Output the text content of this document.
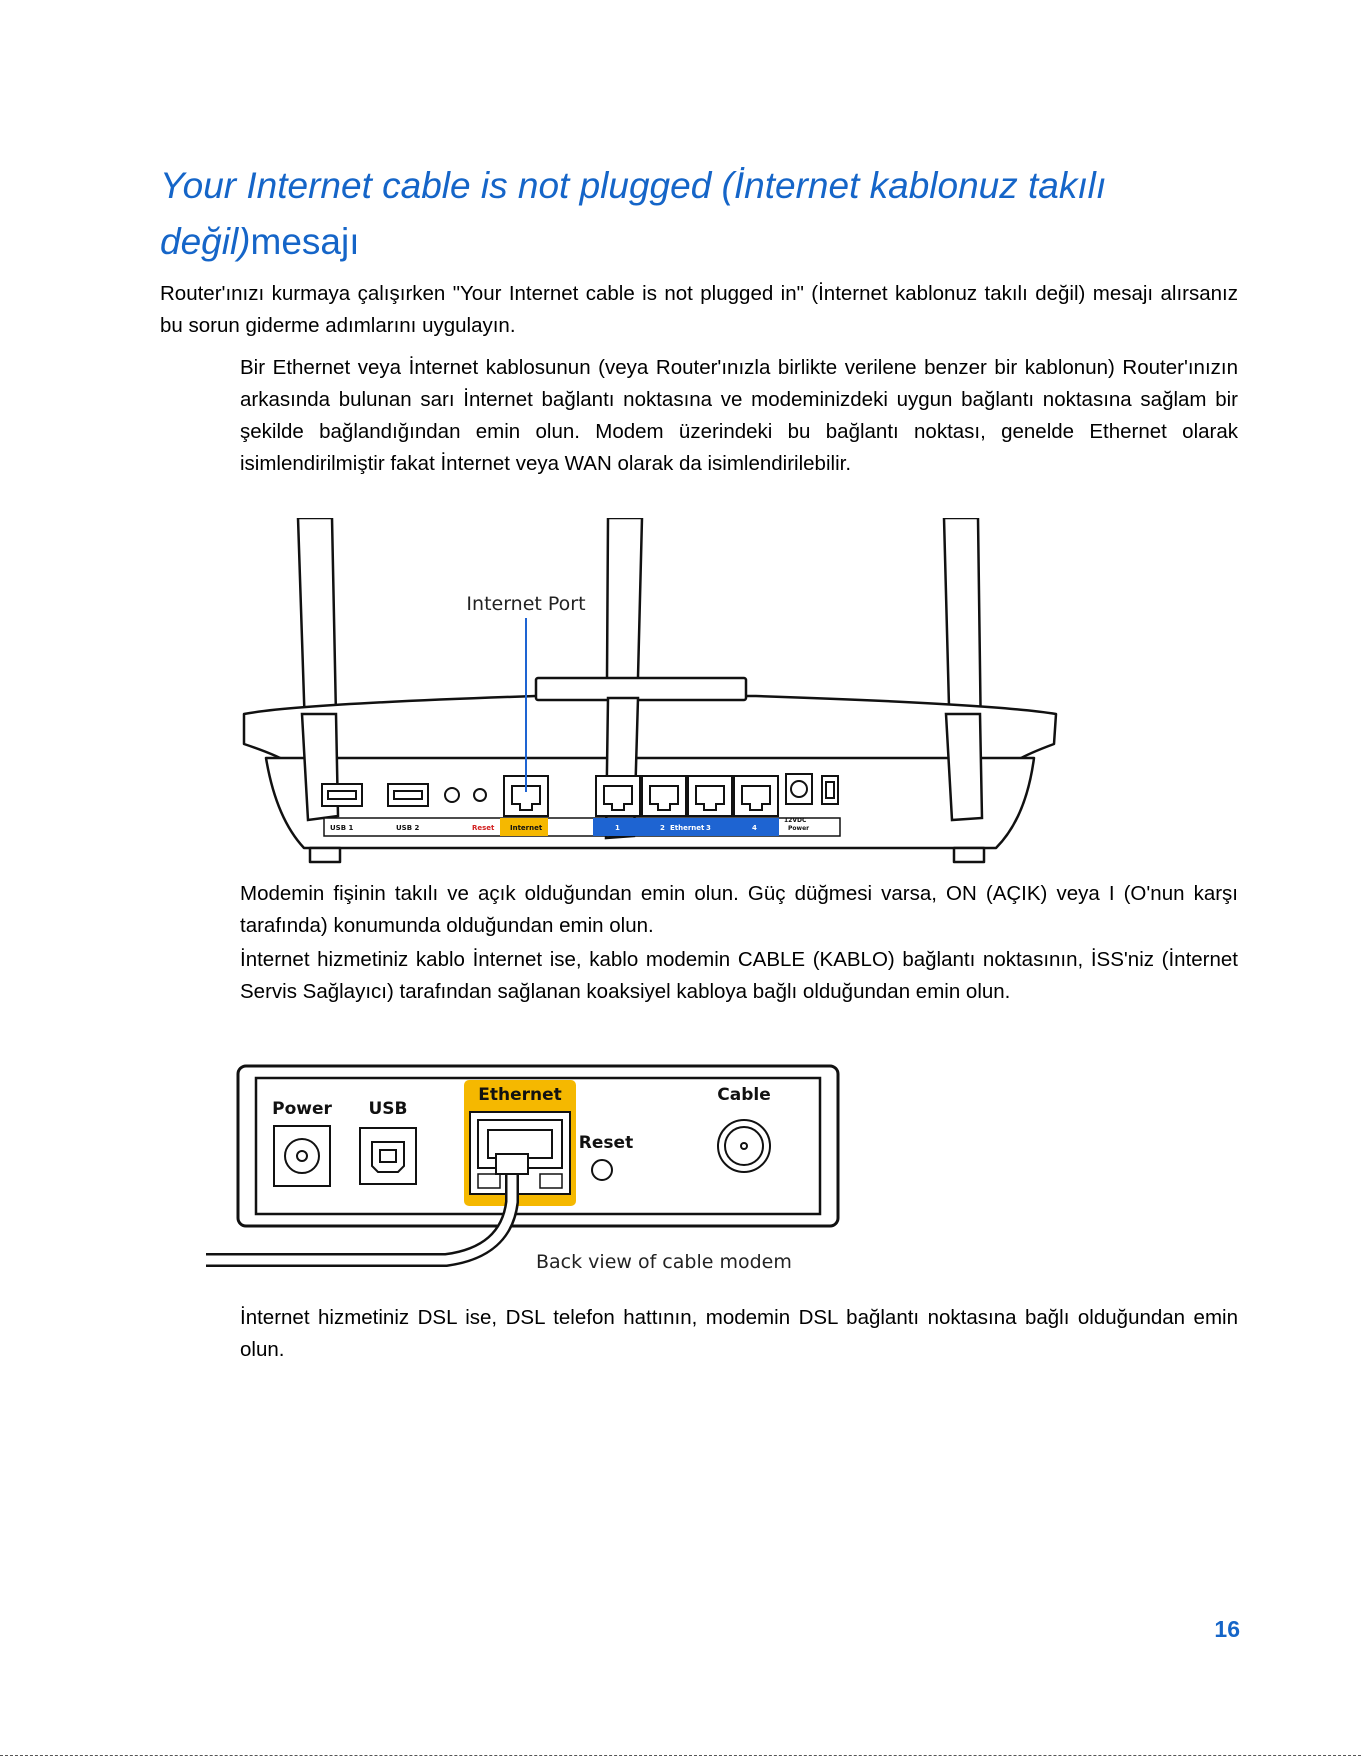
Your Internet cable is not plugged (İnternet kablonuz takılı değil)mesajı

Router'ınızı kurmaya çalışırken "Your Internet cable is not plugged in" (İnternet kablonuz takılı değil) mesajı alırsanız bu sorun giderme adımlarını uygulayın.

Bir Ethernet veya İnternet kablosunun (veya Router'ınızla birlikte verilene benzer bir kablonun) Router'ınızın arkasında bulunan sarı İnternet bağlantı noktasına ve modeminizdeki uygun bağlantı noktasına sağlam bir şekilde bağlandığından emin olun. Modem üzerindeki bu bağlantı noktası, genelde Ethernet olarak isimlendirilmiştir fakat İnternet veya WAN olarak da isimlendirilebilir.

USB 1	USB 2	Reset Internet	1	2 Ethernet 3	4
12VDC
Power
Internet Port

Modemin fişinin takılı ve açık olduğundan emin olun. Güç düğmesi varsa, ON (AÇIK) veya I (O'nun karşı tarafında) konumunda olduğundan emin olun.

İnternet hizmetiniz kablo İnternet ise, kablo modemin CABLE (KABLO) bağlantı noktasının, İSS'niz (İnternet Servis Sağlayıcı) tarafından sağlanan koaksiyel kabloya bağlı olduğundan emin olun.

Power USB
Ethernet
Reset
Cable
Back view of cable modem

İnternet hizmetiniz DSL ise, DSL telefon hattının, modemin DSL bağlantı noktasına bağlı olduğundan emin olun.

16
